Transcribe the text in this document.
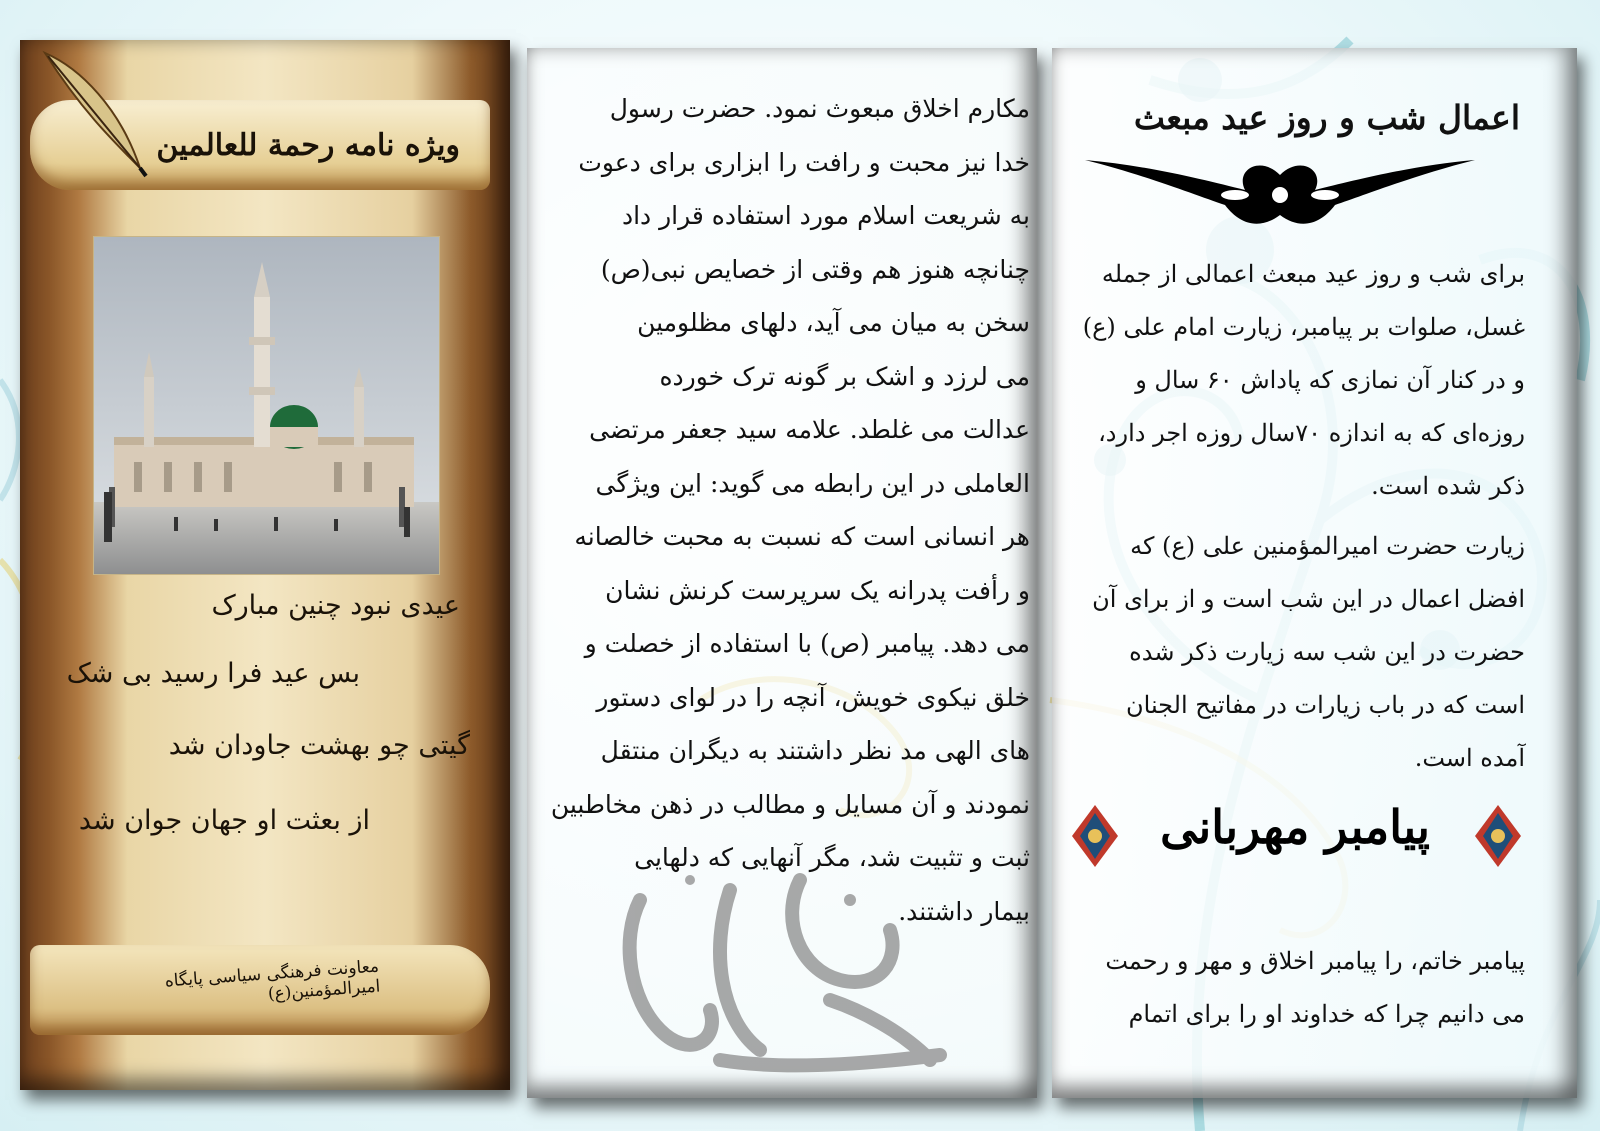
ویژه نامه رحمة للعالمین
عیدی نبود چنین مبارک
بس عید فرا رسید بی شک
گیتی چو بهشت جاودان شد
از بعثت او جهان جوان شد
معاونت فرهنگی سیاسی پایگاه امیرالمؤمنین(ع)
مکارم اخلاق مبعوث نمود. حضرت رسول
خدا نیز محبت و رافت را ابزاری برای دعوت
به شریعت اسلام مورد استفاده قرار داد
چنانچه هنوز هم وقتی از خصایص نبی(ص)
سخن به میان می آید، دلهای مظلومین
می لرزد و اشک بر گونه ترک خورده
عدالت می غلطد. علامه سید جعفر مرتضی
العاملی در این رابطه می گوید: این ویژگی
هر انسانی است که نسبت به محبت خالصانه
و رأفت پدرانه یک سرپرست کرنش نشان
می دهد. پیامبر (ص) با استفاده از خصلت و
خلق نیکوی خویش، آنچه را در لوای دستور
های الهی مد نظر داشتند به دیگران منتقل
نمودند و آن مسایل و مطالب در ذهن مخاطبین
ثبت و تثبیت شد، مگر آنهایی که دلهایی
بیمار داشتند.
اعمال شب و روز عید مبعث
برای شب و روز عید مبعث اعمالی از جمله
غسل، صلوات بر پیامبر، زیارت امام علی (ع)
و در کنار آن نمازی که پاداش ۶۰ سال و
روزه‌ای که به اندازه ۷۰سال روزه اجر دارد،
ذکر شده است.
زیارت حضرت امیرالمؤمنین علی (ع) که
افضل اعمال در این شب است و از برای آن
حضرت در این شب سه زیارت ذکر شده
است که در باب زیارات در مفاتیح الجنان
آمده است.
پیامبر مهربانی
پیامبر خاتم، را پیامبر اخلاق و مهر و رحمت
می دانیم چرا که خداوند او را برای اتمام
